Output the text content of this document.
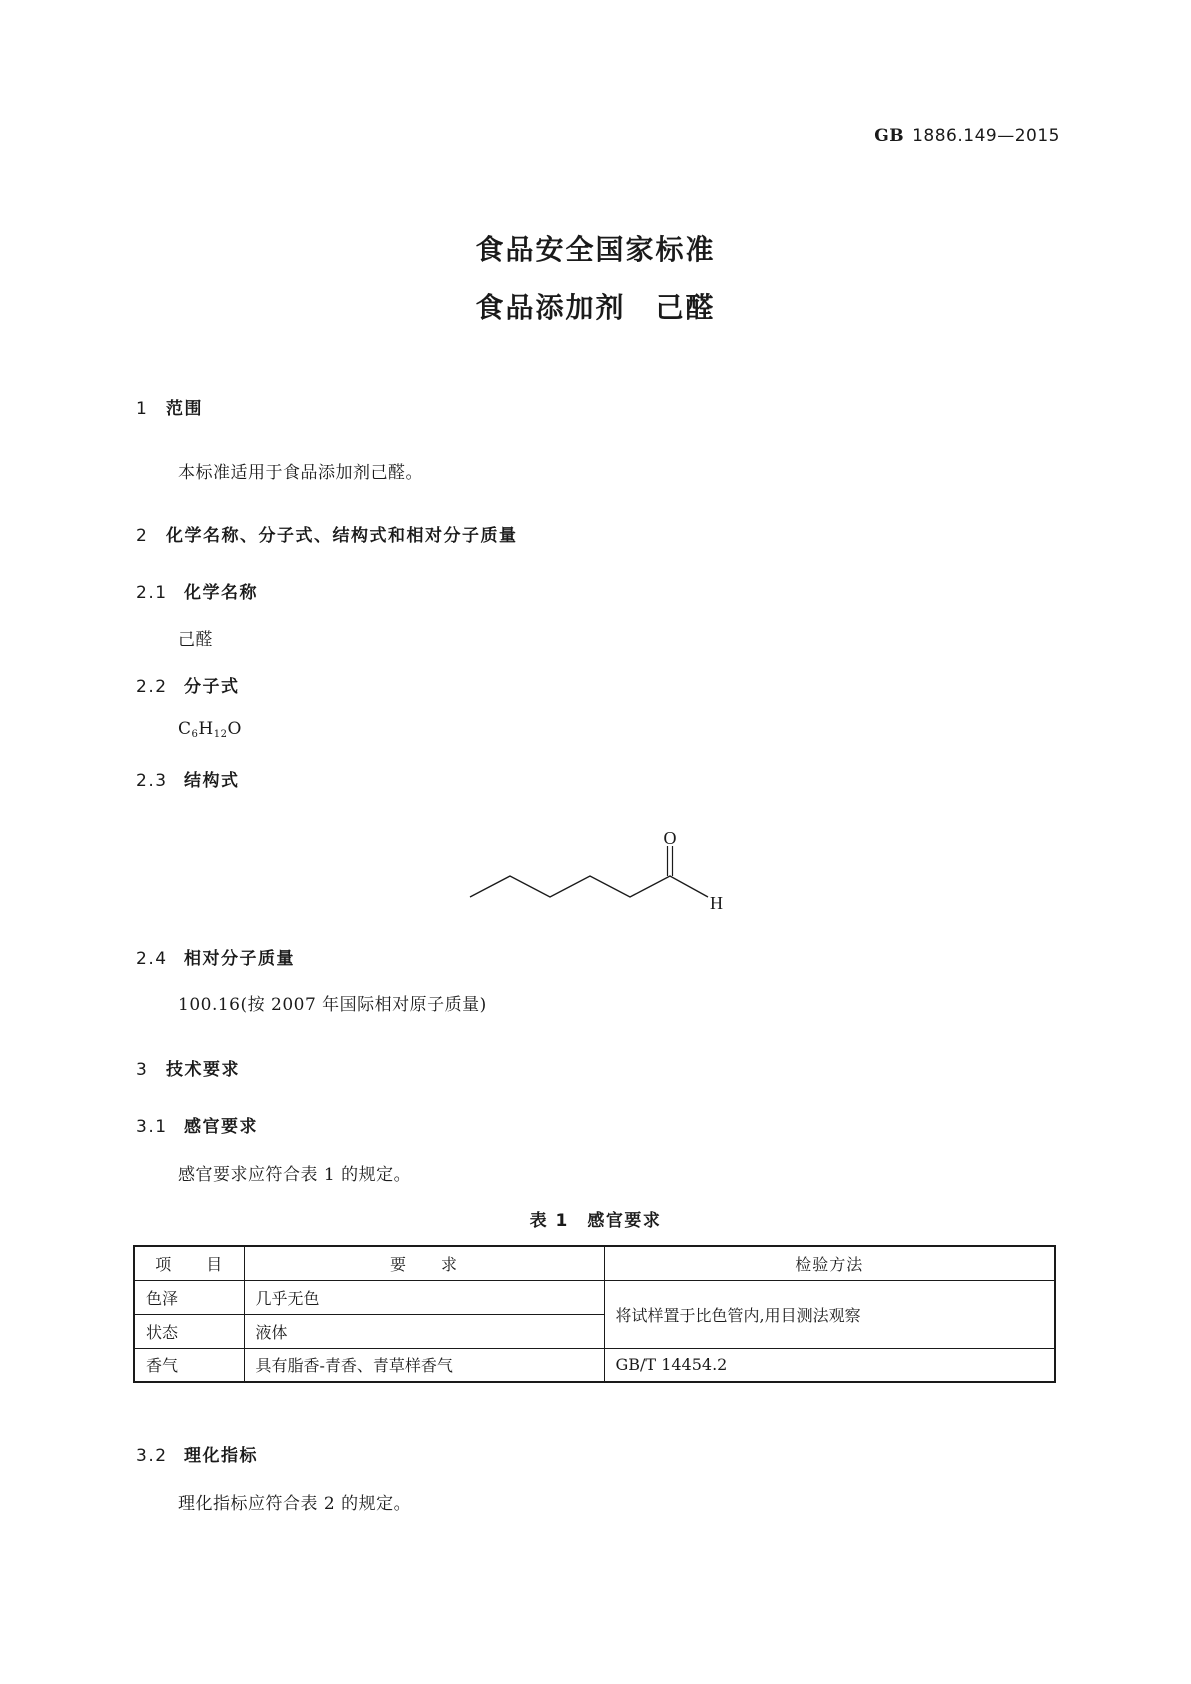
GB 1886.149—2015
食品安全国家标准
食品添加剂　己醛
1 范围
本标准适用于食品添加剂己醛。
2 化学名称、分子式、结构式和相对分子质量
2.1 化学名称
己醛
2.2 分子式
$C_6H_{12}O$
2.3 结构式
O
H
2.4 相对分子质量
100.16(按 2007 年国际相对原子质量)
3 技术要求
3.1 感官要求
感官要求应符合表 1 的规定。
表 1　感官要求
项　　目	要　　求	检验方法
色泽	几乎无色	将试样置于比色管内,用目测法观察
状态	液体	
香气	具有脂香-青香、青草样香气	GB/T 14454.2
3.2 理化指标
理化指标应符合表 2 的规定。
